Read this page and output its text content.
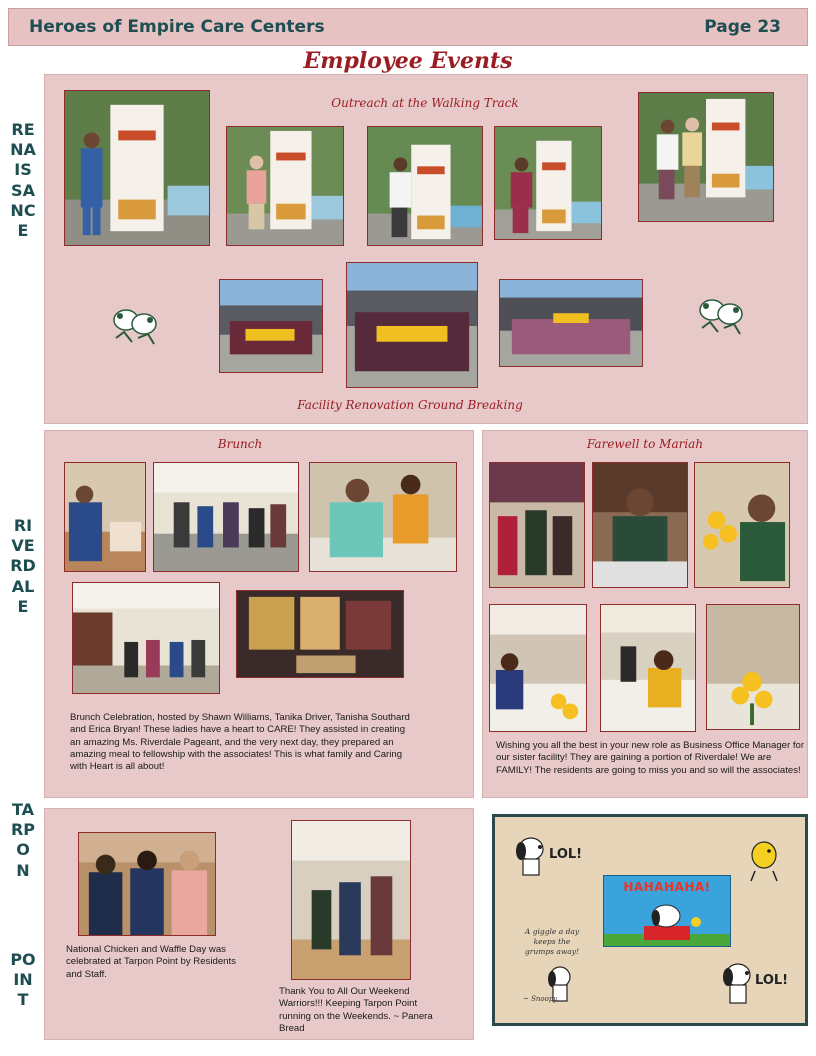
Heroes of Empire Care Centers	Page 23
Employee Events
RENAISSANCE
RIVERDALE
TARPON
POINT
Outreach at the Walking Track
Facility Renovation Ground Breaking
Brunch
Brunch Celebration, hosted by Shawn Williams, Tanika Driver, Tanisha Southard and Erica Bryan! These ladies have a heart to CARE! They assisted in creating an amazing Ms. Riverdale Pageant, and the very next day, they prepared an amazing meal to fellowship with the associates! This is what family and Caring with Heart is all about!
Farewell to Mariah
Wishing you all the best in your new role as Business Office Manager for our sister facility! They are gaining a portion of Riverdale! We are FAMILY! The residents are going to miss you and so will the associates!
National Chicken and Waffle Day was celebrated at Tarpon Point by Residents and Staff.
Thank You to All Our Weekend Warriors!!! Keeping Tarpon Point running on the Weekends. ~ Panera Bread
LOL!
HAHAHAHA!
A giggle a day keeps the grumps away!
~ Snoopy
LOL!
